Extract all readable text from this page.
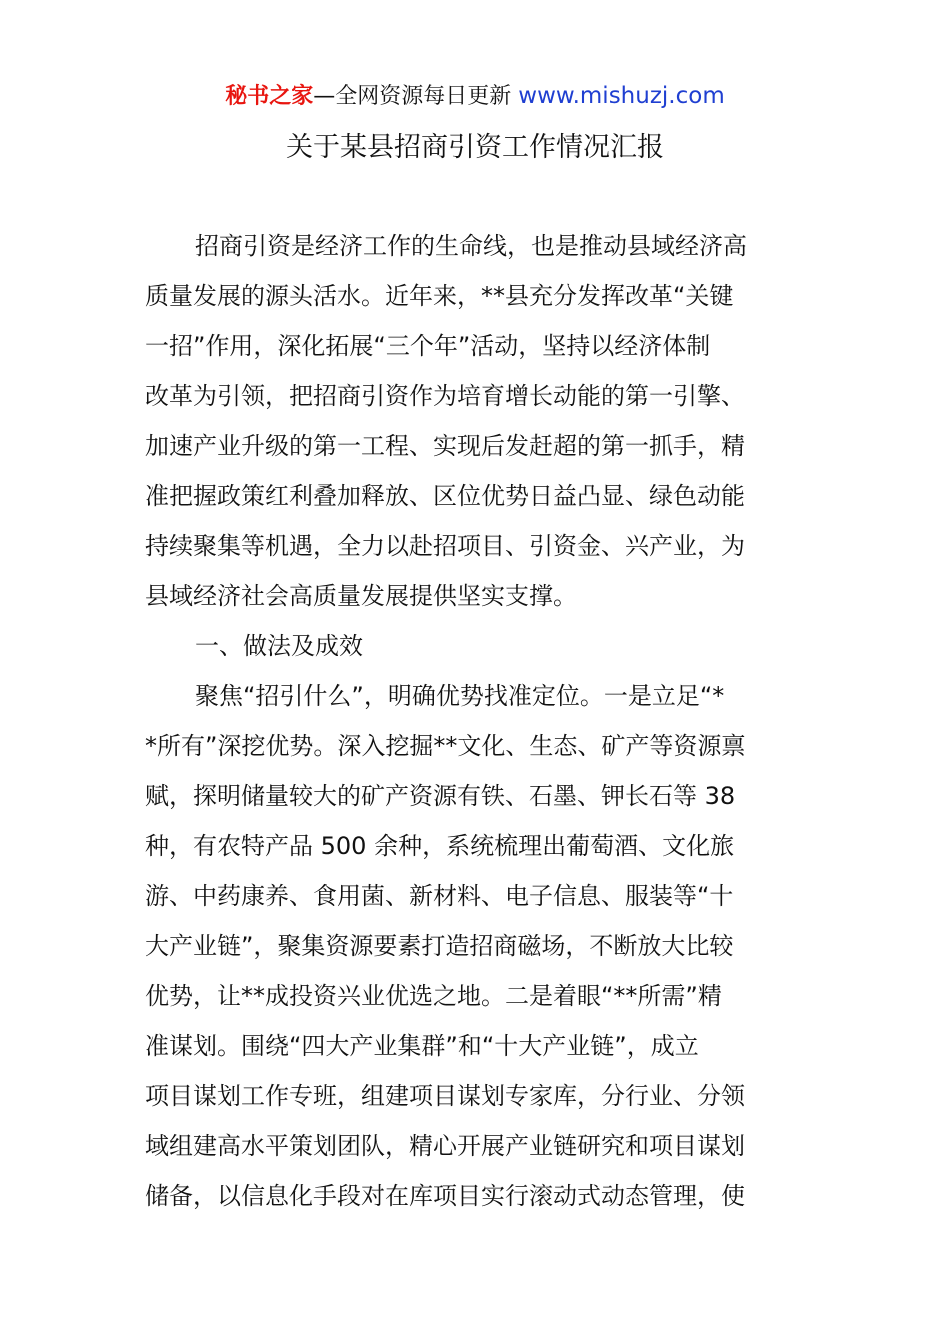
秘书之家—全网资源每日更新 www.mishuzj.com
关于某县招商引资工作情况汇报
招商引资是经济工作的生命线，也是推动县域经济高
质量发展的源头活水。近年来，**县充分发挥改革“关键
一招”作用，深化拓展“三个年”活动，坚持以经济体制
改革为引领，把招商引资作为培育增长动能的第一引擎、
加速产业升级的第一工程、实现后发赶超的第一抓手，精
准把握政策红利叠加释放、区位优势日益凸显、绿色动能
持续聚集等机遇，全力以赴招项目、引资金、兴产业，为
县域经济社会高质量发展提供坚实支撑。
一、做法及成效
聚焦“招引什么”，明确优势找准定位。一是立足“*
*所有”深挖优势。深入挖掘**文化、生态、矿产等资源禀
赋，探明储量较大的矿产资源有铁、石墨、钾长石等 38
种，有农特产品 500 余种，系统梳理出葡萄酒、文化旅
游、中药康养、食用菌、新材料、电子信息、服装等“十
大产业链”，聚集资源要素打造招商磁场，不断放大比较
优势，让**成投资兴业优选之地。二是着眼“**所需”精
准谋划。围绕“四大产业集群”和“十大产业链”，成立
项目谋划工作专班，组建项目谋划专家库，分行业、分领
域组建高水平策划团队，精心开展产业链研究和项目谋划
储备，以信息化手段对在库项目实行滚动式动态管理，使
